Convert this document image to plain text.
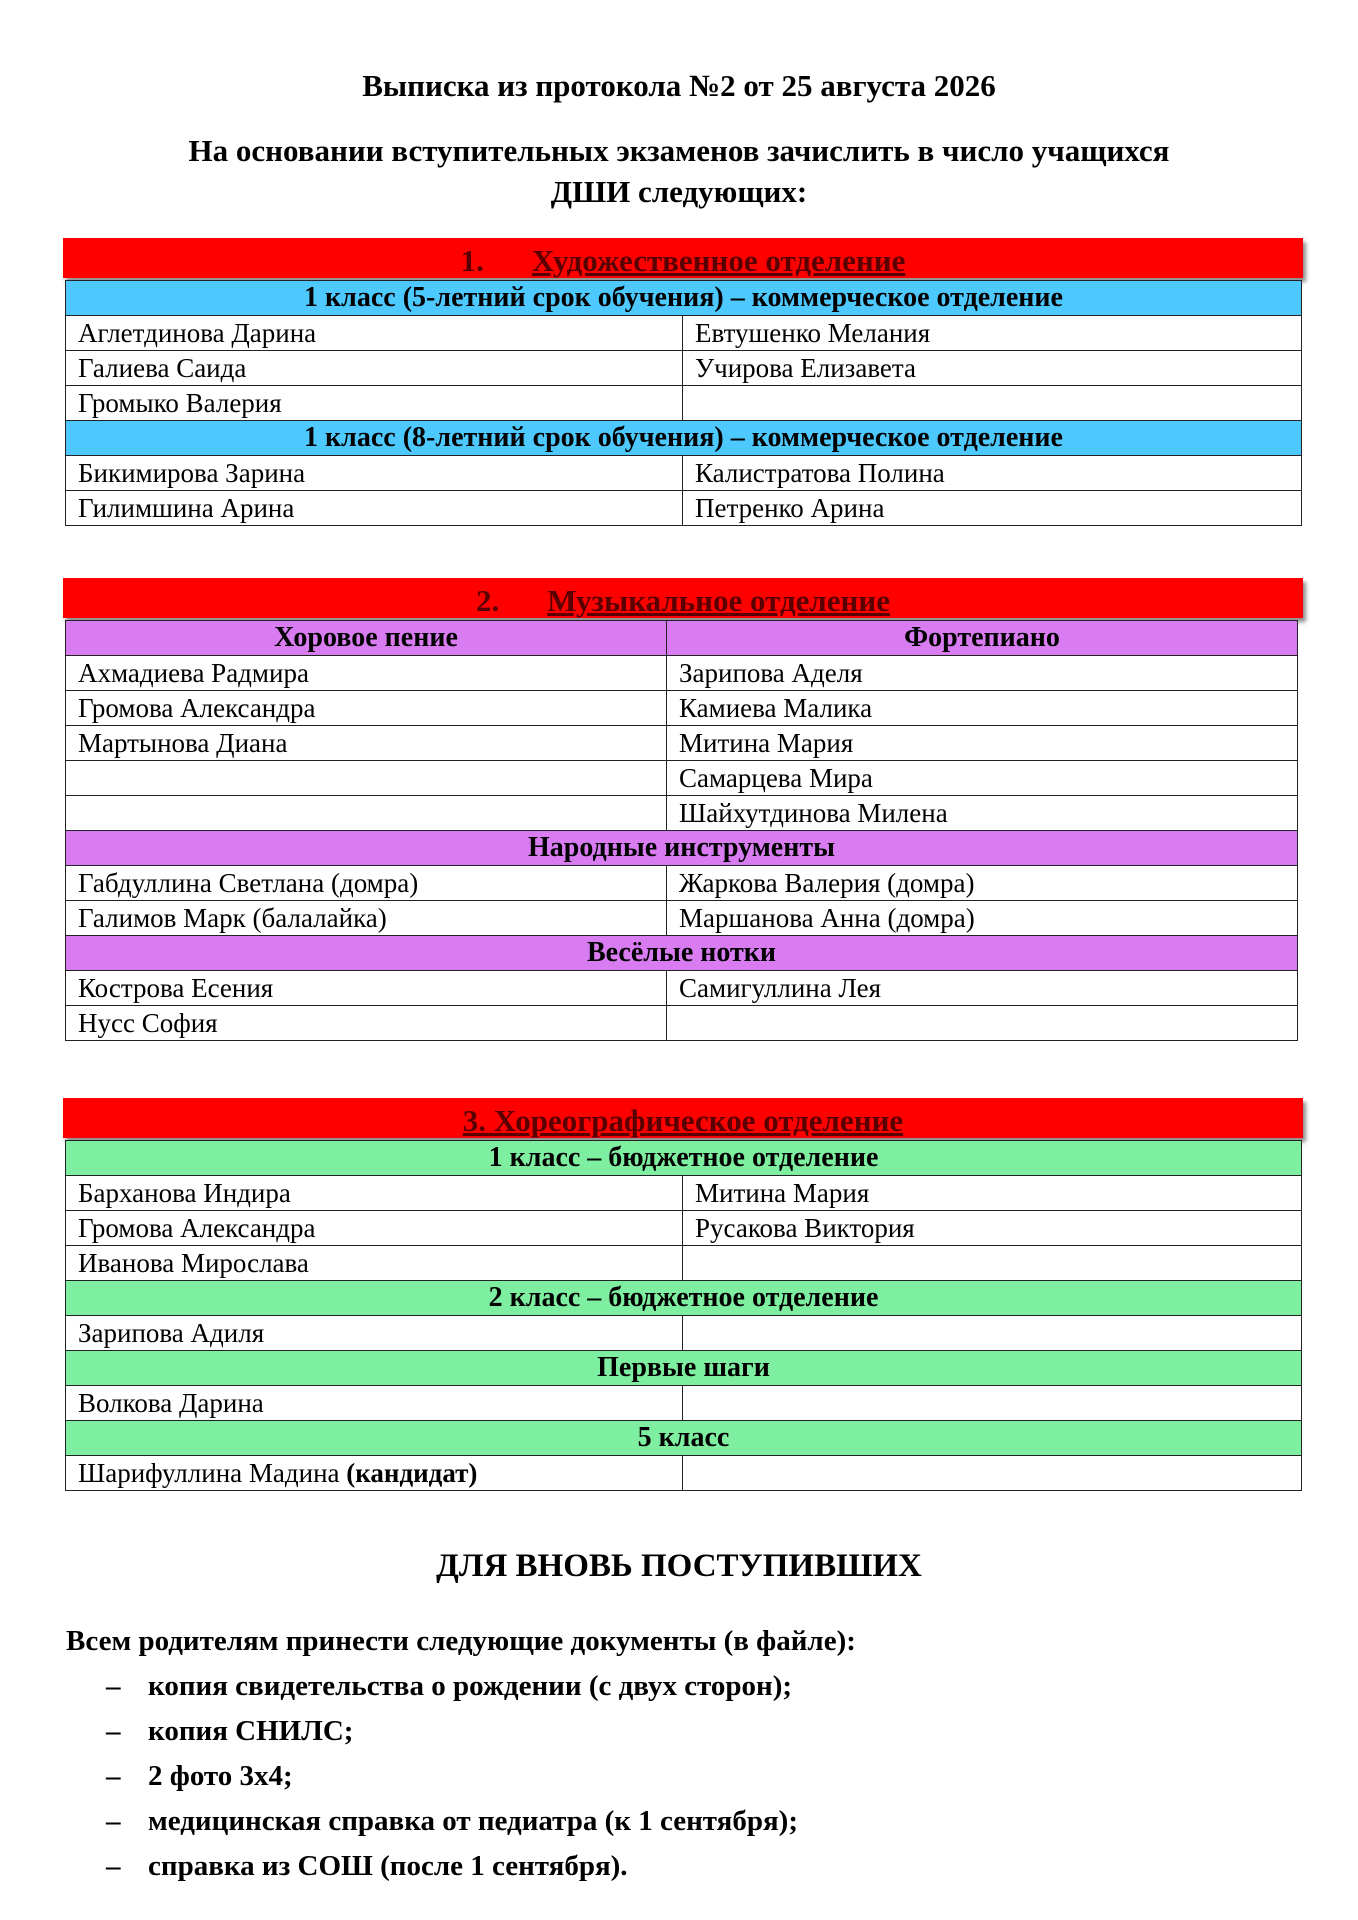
Выписка из протокола №2 от 25 августа 2026
На основании вступительных экзаменов зачислить в число учащихся
ДШИ следующих:
1. Художественное отделение
1 класс (5-летний срок обучения) – коммерческое отделение	
Аглетдинова Дарина	Евтушенко Мелания
Галиева Саида	Учирова Елизавета
Громыко Валерия	
1 класс (8-летний срок обучения) – коммерческое отделение	
Бикимирова Зарина	Калистратова Полина
Гилимшина Арина	Петренко Арина
2. Музыкальное отделение
Хоровое пение	Фортепиано
Ахмадиева Радмира	Зарипова Аделя
Громова Александра	Камиева Малика
Мартынова Диана	Митина Мария
	Самарцева Мира
	Шайхутдинова Милена
Народные инструменты	
Габдуллина Светлана (домра)	Жаркова Валерия (домра)
Галимов Марк (балалайка)	Маршанова Анна (домра)
Весёлые нотки	
Кострова Есения	Самигуллина Лея
Нусс София	
3. Хореографическое отделение
1 класс – бюджетное отделение	
Барханова Индира	Митина Мария
Громова Александра	Русакова Виктория
Иванова Мирослава	
2 класс – бюджетное отделение	
Зарипова Адиля	
Первые шаги	
Волкова Дарина	
5 класс	
Шарифуллина Мадина (кандидат)	
ДЛЯ ВНОВЬ ПОСТУПИВШИХ
Всем родителям принести следующие документы (в файле):
– копия свидетельства о рождении (с двух сторон);
– копия СНИЛС;
– 2 фото 3х4;
– медицинская справка от педиатра (к 1 сентября);
– справка из СОШ (после 1 сентября).
